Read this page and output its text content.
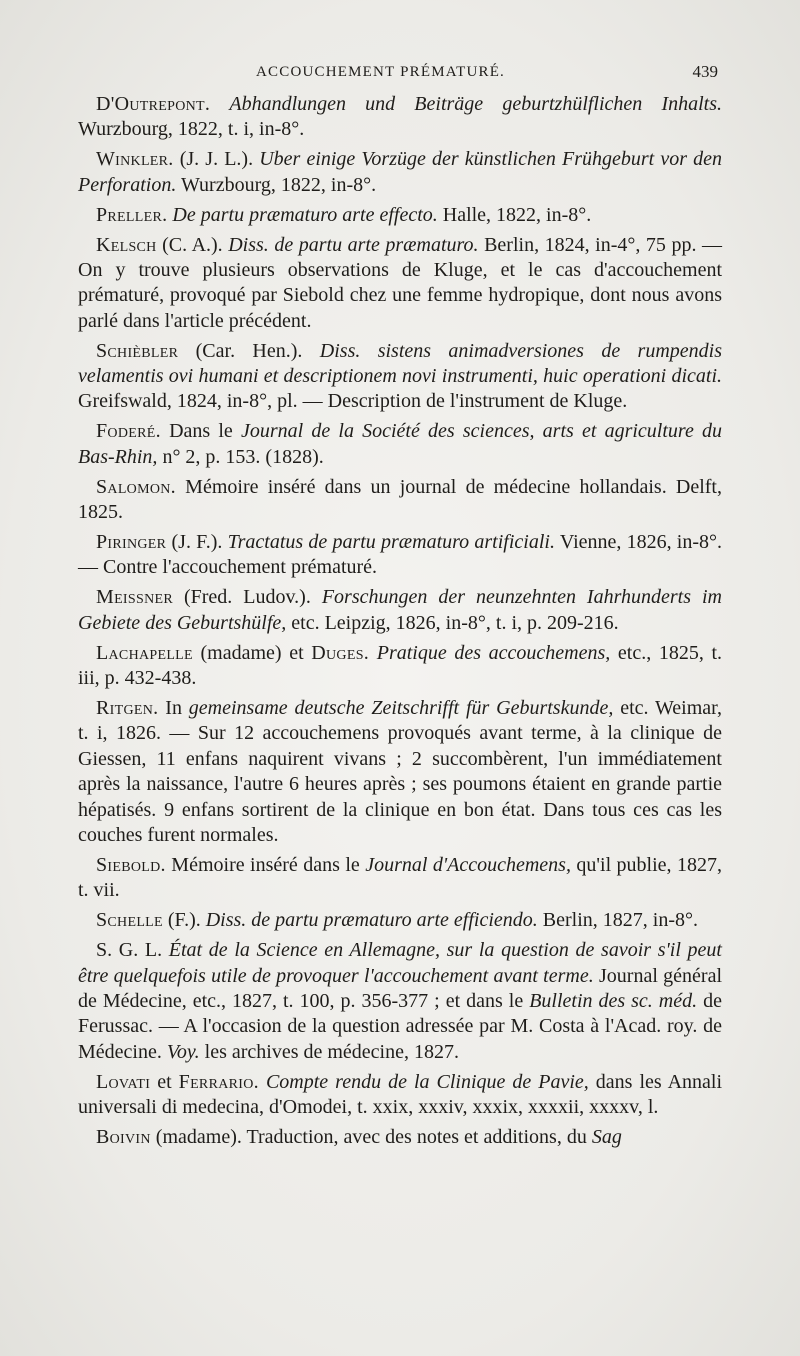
ACCOUCHEMENT PRÉMATURÉ.	439

D'Outrepont. Abhandlungen und Beiträge geburtzhülflichen Inhalts. Wurzbourg, 1822, t. i, in-8°.

Winkler. (J. J. L.). Uber einige Vorzüge der künstlichen Frühgeburt vor den Perforation. Wurzbourg, 1822, in-8°.

Preller. De partu præmaturo arte effecto. Halle, 1822, in-8°.

Kelsch (C. A.). Diss. de partu arte præmaturo. Berlin, 1824, in-4°, 75 pp. — On y trouve plusieurs observations de Kluge, et le cas d'accouchement prématuré, provoqué par Siebold chez une femme hydropique, dont nous avons parlé dans l'article précédent.

Schièbler (Car. Hen.). Diss. sistens animadversiones de rumpendis velamentis ovi humani et descriptionem novi instrumenti, huic operationi dicati. Greifswald, 1824, in-8°, pl. — Description de l'instrument de Kluge.

Foderé. Dans le Journal de la Société des sciences, arts et agriculture du Bas-Rhin, n° 2, p. 153. (1828).

Salomon. Mémoire inséré dans un journal de médecine hollandais. Delft, 1825.

Piringer (J. F.). Tractatus de partu præmaturo artificiali. Vienne, 1826, in-8°. — Contre l'accouchement prématuré.

Meissner (Fred. Ludov.). Forschungen der neunzehnten Iahrhunderts im Gebiete des Geburtshülfe, etc. Leipzig, 1826, in-8°, t. i, p. 209-216.

Lachapelle (madame) et Duges. Pratique des accouchemens, etc., 1825, t. iii, p. 432-438.

Ritgen. In gemeinsame deutsche Zeitschrifft für Geburtskunde, etc. Weimar, t. i, 1826. — Sur 12 accouchemens provoqués avant terme, à la clinique de Giessen, 11 enfans naquirent vivans ; 2 succombèrent, l'un immédiatement après la naissance, l'autre 6 heures après ; ses poumons étaient en grande partie hépatisés. 9 enfans sortirent de la clinique en bon état. Dans tous ces cas les couches furent normales.

Siebold. Mémoire inséré dans le Journal d'Accouchemens, qu'il publie, 1827, t. vii.

Schelle (F.). Diss. de partu præmaturo arte efficiendo. Berlin, 1827, in-8°.

S. G. L. État de la Science en Allemagne, sur la question de savoir s'il peut être quelquefois utile de provoquer l'accouchement avant terme. Journal général de Médecine, etc., 1827, t. 100, p. 356-377 ; et dans le Bulletin des sc. méd. de Ferussac. — A l'occasion de la question adressée par M. Costa à l'Acad. roy. de Médecine. Voy. les archives de médecine, 1827.

Lovati et Ferrario. Compte rendu de la Clinique de Pavie, dans les Annali universali di medecina, d'Omodei, t. xxix, xxxiv, xxxix, xxxxii, xxxxv, l.

Boivin (madame). Traduction, avec des notes et additions, du Sag
